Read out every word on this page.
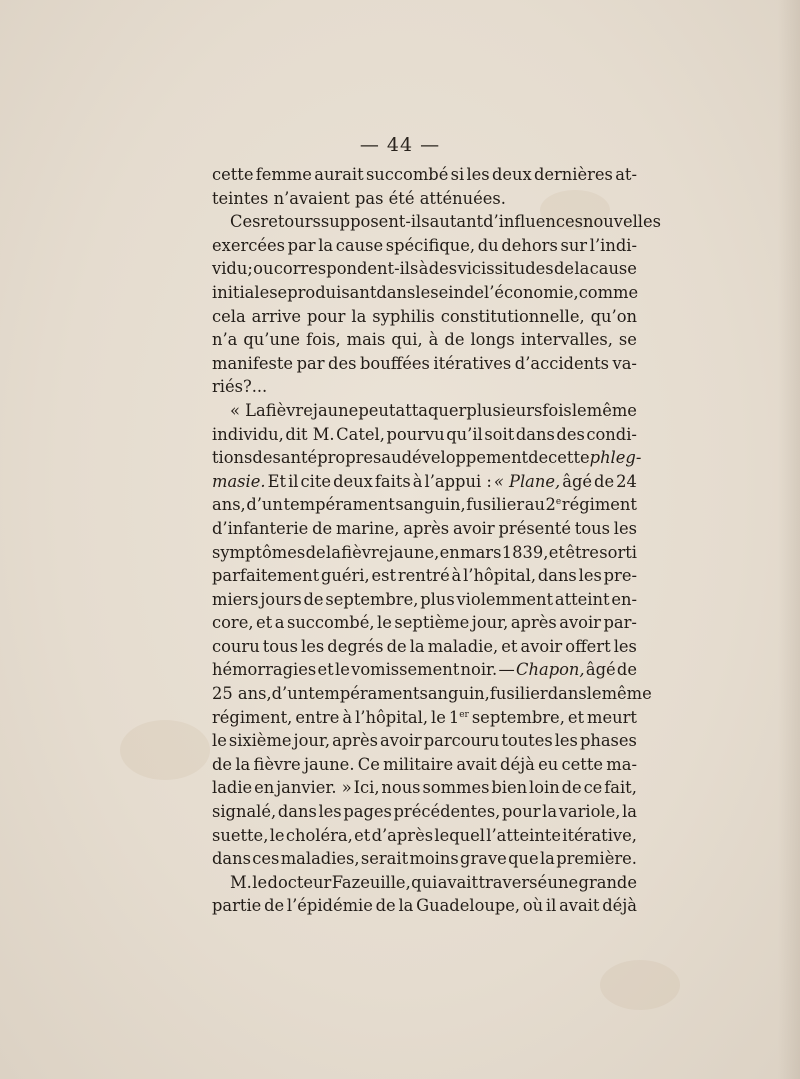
— 44 —
cette femme aurait succombé si les deux dernières at-
teintes n’avaient pas été atténuées.
Ces retours supposent-ils autant d’influences nouvelles
exercées par la cause spécifique, du dehors sur l’indi-
vidu; ou correspondent-ils à des vicissitudes de la cause
initiale se produisant dans le sein de l’économie, comme
cela arrive pour la syphilis constitutionnelle, qu’on
n’a qu’une fois, mais qui, à de longs intervalles, se
manifeste par des bouffées itératives d’accidents va-
riés?...
« La fièvre jaune peut attaquer plusieurs fois le même
individu, dit M. Catel, pourvu qu’il soit dans des condi-
tions de santé propres au développement de cette phleg-
masie. Et il cite deux faits à l’appui : « Plane, âgé de 24
ans, d’un tempérament sanguin, fusilier au 2e régiment
d’infanterie de marine, après avoir présenté tous les
symptômes de la fièvre jaune, en mars 1839, et être sorti
parfaitement guéri, est rentré à l’hôpital, dans les pre-
miers jours de septembre, plus violemment atteint en-
core, et a succombé, le septième jour, après avoir par-
couru tous les degrés de la maladie, et avoir offert les
hémorragies et le vomissement noir. — Chapon, âgé de
25 ans, d’un tempérament sanguin, fusilier dans le même
régiment, entre à l’hôpital, le 1er septembre, et meurt
le sixième jour, après avoir parcouru toutes les phases
de la fièvre jaune. Ce militaire avait déjà eu cette ma-
ladie en janvier. » Ici, nous sommes bien loin de ce fait,
signalé, dans les pages précédentes, pour la variole, la
suette, le choléra, et d’après lequel l’atteinte itérative,
dans ces maladies, serait moins grave que la première.
M. le docteur Fazeuille, qui avait traversé une grande
partie de l’épidémie de la Guadeloupe, où il avait déjà
